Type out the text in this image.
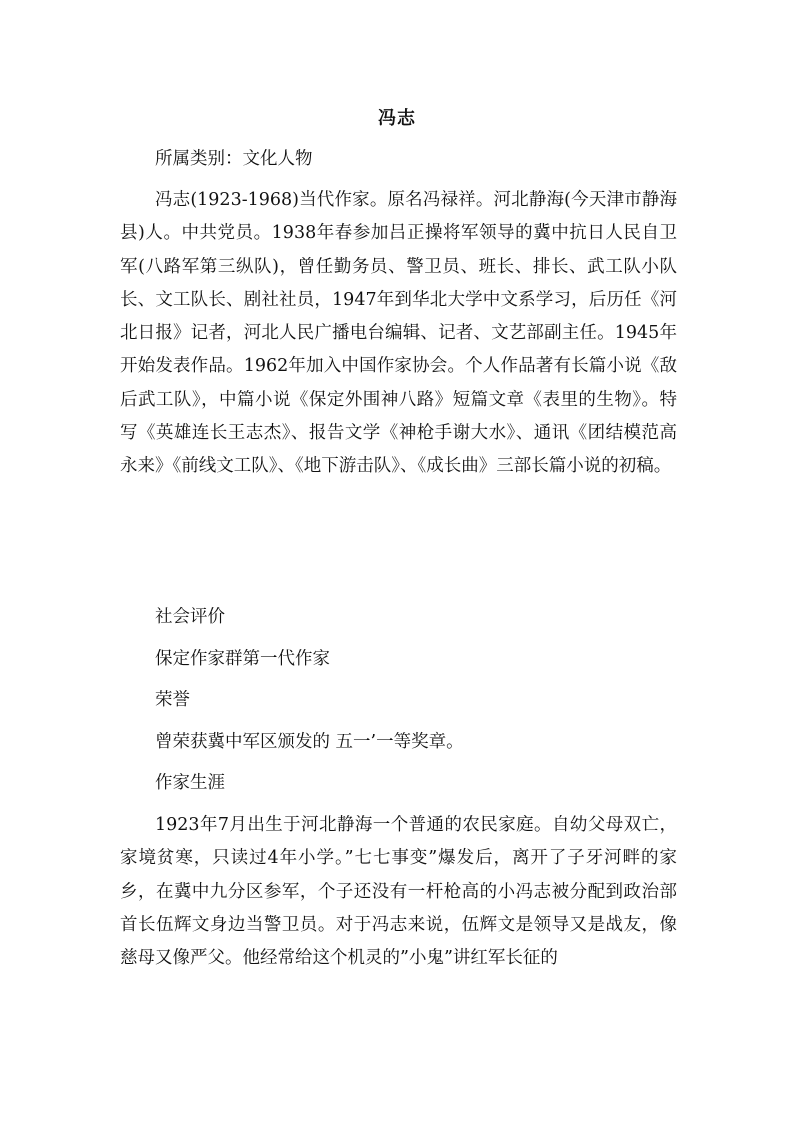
冯志
所属类别：文化人物
冯志(1923-1968)当代作家。原名冯禄祥。河北静海(今天津市静海县)人。中共党员。1938年春参加吕正操将军领导的冀中抗日人民自卫军(八路军第三纵队)，曾任勤务员、警卫员、班长、排长、武工队小队长、文工队长、剧社社员，1947年到华北大学中文系学习，后历任《河北日报》记者，河北人民广播电台编辑、记者、文艺部副主任。1945年开始发表作品。1962年加入中国作家协会。个人作品著有长篇小说《敌后武工队》，中篇小说《保定外围神八路》短篇文章《表里的生物》。特写《英雄连长王志杰》、报告文学《神枪手谢大水》、通讯《团结模范高永来》《前线文工队》、《地下游击队》、《成长曲》三部长篇小说的初稿。
社会评价
保定作家群第一代作家
荣誉
曾荣获冀中军区颁发的 五一’一等奖章。
作家生涯
1923年7月出生于河北静海一个普通的农民家庭。自幼父母双亡，家境贫寒，只读过4年小学。”七七事变”爆发后，离开了子牙河畔的家乡，在冀中九分区参军，个子还没有一杆枪高的小冯志被分配到政治部首长伍辉文身边当警卫员。对于冯志来说，伍辉文是领导又是战友，像慈母又像严父。他经常给这个机灵的”小鬼”讲红军长征的
